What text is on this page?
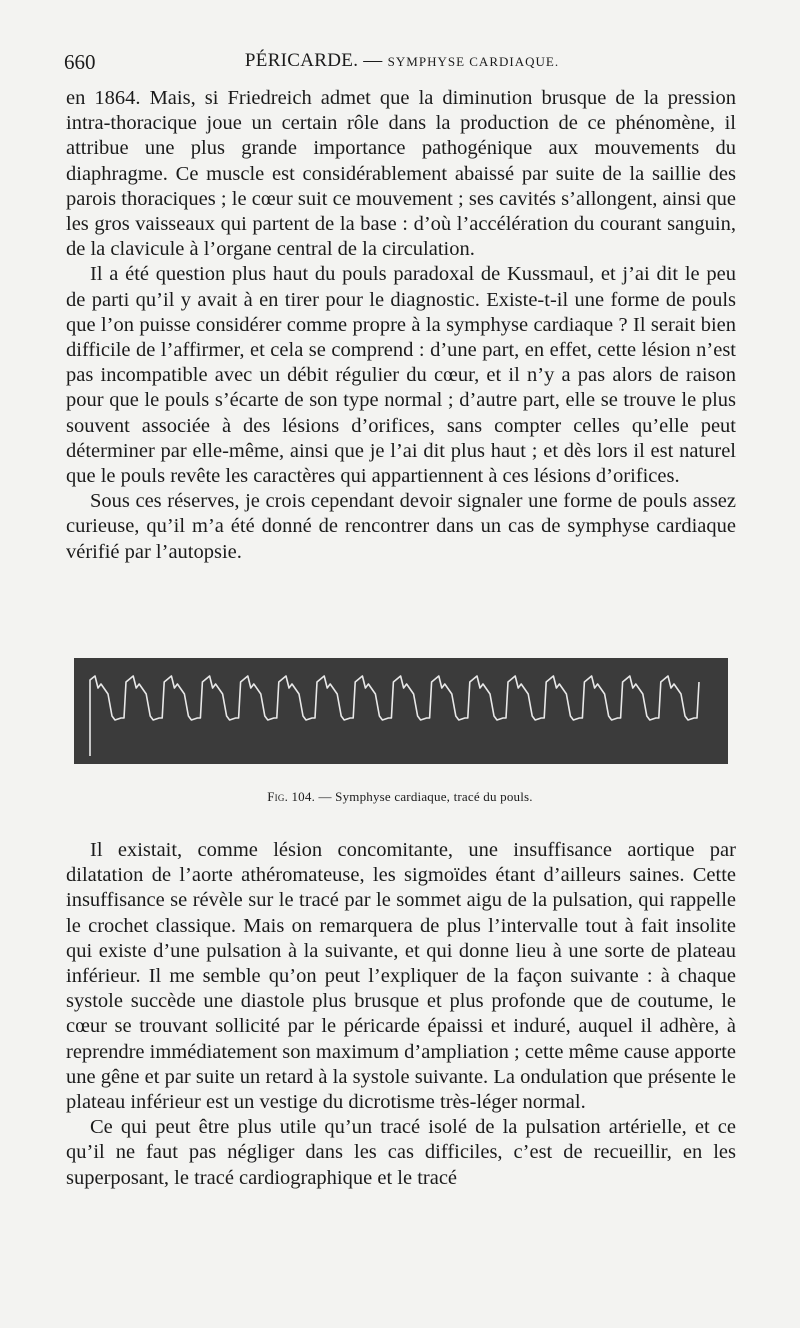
660	PÉRICARDE. — SYMPHYSE CARDIAQUE.

en 1864. Mais, si Friedreich admet que la diminution brusque de la pression intra-thoracique joue un certain rôle dans la production de ce phénomène, il attribue une plus grande importance pathogénique aux mouvements du diaphragme. Ce muscle est considérablement abaissé par suite de la saillie des parois thoraciques ; le cœur suit ce mouvement ; ses cavités s’allongent, ainsi que les gros vaisseaux qui partent de la base : d’où l’accélération du courant sanguin, de la clavicule à l’organe central de la circulation.

Il a été question plus haut du pouls paradoxal de Kussmaul, et j’ai dit le peu de parti qu’il y avait à en tirer pour le diagnostic. Existe-t-il une forme de pouls que l’on puisse considérer comme propre à la symphyse cardiaque ? Il serait bien difficile de l’affirmer, et cela se comprend : d’une part, en effet, cette lésion n’est pas incompatible avec un débit régulier du cœur, et il n’y a pas alors de raison pour que le pouls s’écarte de son type normal ; d’autre part, elle se trouve le plus souvent associée à des lésions d’orifices, sans compter celles qu’elle peut déterminer par elle-même, ainsi que je l’ai dit plus haut ; et dès lors il est naturel que le pouls revête les caractères qui appartiennent à ces lésions d’orifices.

Sous ces réserves, je crois cependant devoir signaler une forme de pouls assez curieuse, qu’il m’a été donné de rencontrer dans un cas de symphyse cardiaque vérifié par l’autopsie.

Fig. 104. — Symphyse cardiaque, tracé du pouls.

Il existait, comme lésion concomitante, une insuffisance aortique par dilatation de l’aorte athéromateuse, les sigmoïdes étant d’ailleurs saines. Cette insuffisance se révèle sur le tracé par le sommet aigu de la pulsation, qui rappelle le crochet classique. Mais on remarquera de plus l’intervalle tout à fait insolite qui existe d’une pulsation à la suivante, et qui donne lieu à une sorte de plateau inférieur. Il me semble qu’on peut l’expliquer de la façon suivante : à chaque systole succède une diastole plus brusque et plus profonde que de coutume, le cœur se trouvant sollicité par le péricarde épaissi et induré, auquel il adhère, à reprendre immédiatement son maximum d’ampliation ; cette même cause apporte une gêne et par suite un retard à la systole suivante. La ondulation que présente le plateau inférieur est un vestige du dicrotisme très-léger normal.

Ce qui peut être plus utile qu’un tracé isolé de la pulsation artérielle, et ce qu’il ne faut pas négliger dans les cas difficiles, c’est de recueillir, en les superposant, le tracé cardiographique et le tracé
